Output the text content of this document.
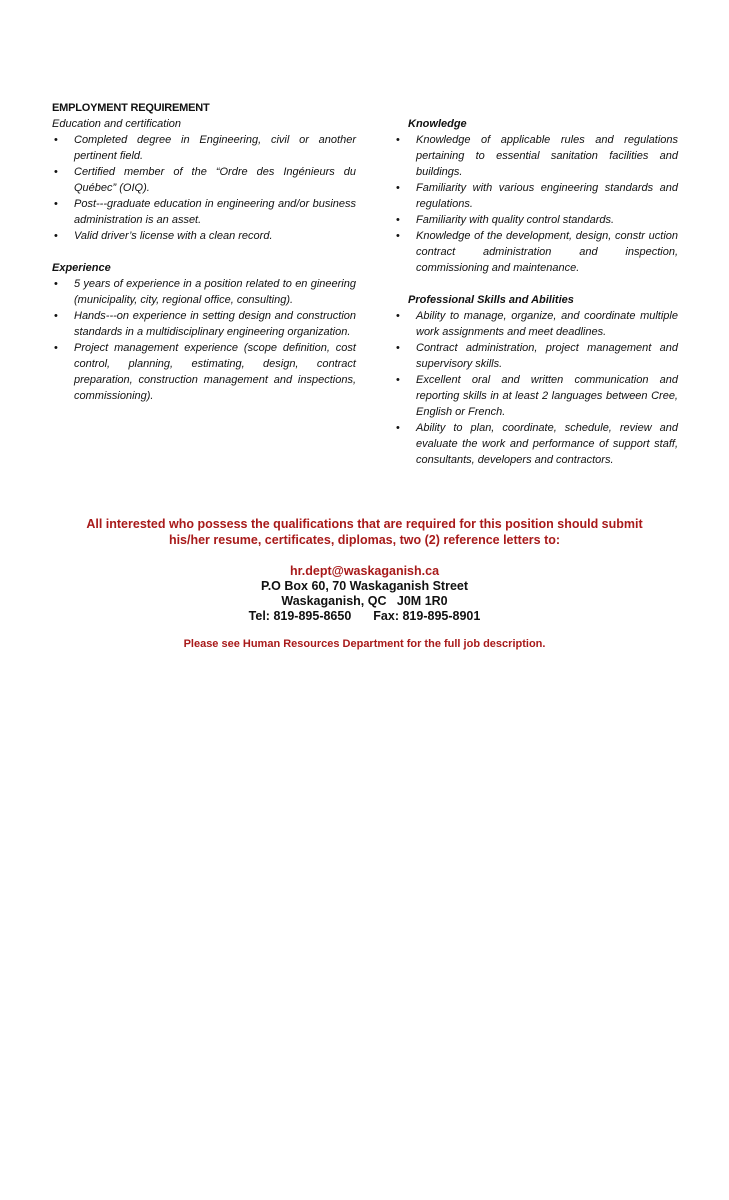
EMPLOYMENT REQUIREMENT

Education and certification

• Completed degree in Engineering, civil or another pertinent field.
• Certified member of the “Ordre des Ingénieurs du Québec” (OIQ).
• Post‐‐‐graduate education in engineering and/or business administration is an asset.
• Valid driver’s license with a clean record.

Experience

• 5 years of experience in a position related to en gineering (municipality, city, regional office, consulting).
• Hands‐‐‐on experience in setting design and construction standards in a multidisciplinary engineering organization.
• Project management experience (scope definition, cost control, planning, estimating, design, contract preparation, construction management and inspections, commissioning).

Knowledge

• Knowledge of applicable rules and regulations pertaining to essential sanitation facilities and buildings.
• Familiarity with various engineering standards and regulations.
• Familiarity with quality control standards.
• Knowledge of the development, design, constr uction contract administration and inspection, commissioning and maintenance.

Professional Skills and Abilities

• Ability to manage, organize, and coordinate multiple work assignments and meet deadlines.
• Contract administration, project management and supervisory skills.
• Excellent oral and written communication and reporting skills in at least 2 languages between Cree, English or French.
• Ability to plan, coordinate, schedule, review and evaluate the work and performance of support staff, consultants, developers and contractors.

All interested who possess the qualifications that are required for this position should submit his/her resume, certificates, diplomas, two (2) reference letters to:

hr.dept@waskaganish.ca
P.O Box 60, 70 Waskaganish Street
Waskaganish, QC   J0M 1R0
Tel: 819-895-8650 Fax: 819-895-8901
Please see Human Resources Department for the full job description.
